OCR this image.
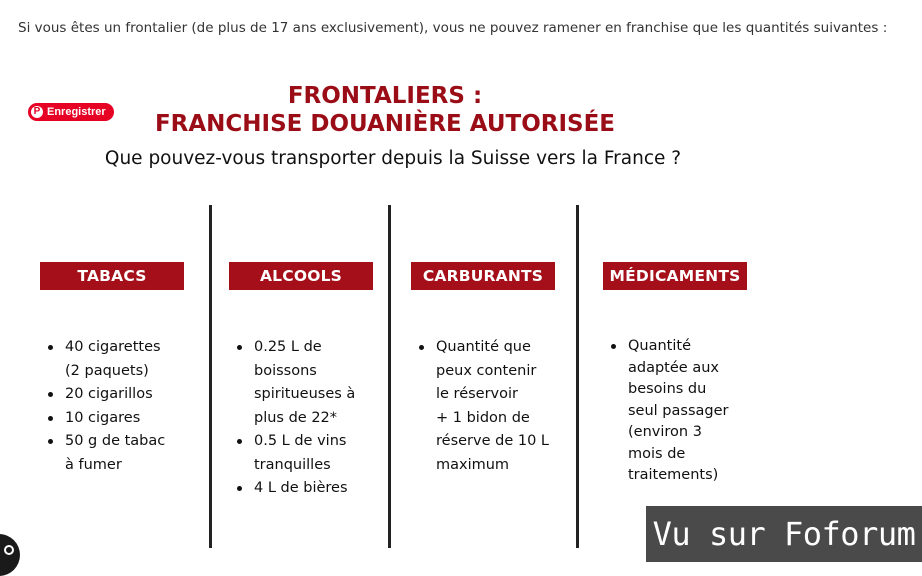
Si vous êtes un frontalier (de plus de 17 ans exclusivement), vous ne pouvez ramener en franchise que les quantités suivantes :
P Enregistrer
FRONTALIERS :
FRANCHISE DOUANIÈRE AUTORISÉE
Que pouvez-vous transporter depuis la Suisse vers la France ?
TABACS
40 cigarettes
(2 paquets)
20 cigarillos
10 cigares
50 g de tabac
à fumer
ALCOOLS
0.25 L de
boissons
spiritueuses à
plus de 22*
0.5 L de vins
tranquilles
4 L de bières
CARBURANTS
Quantité que
peux contenir
le réservoir
+ 1 bidon de
réserve de 10 L
maximum
MÉDICAMENTS
Quantité
adaptée aux
besoins du
seul passager
(environ 3
mois de
traitements)
Vu sur Foforum
